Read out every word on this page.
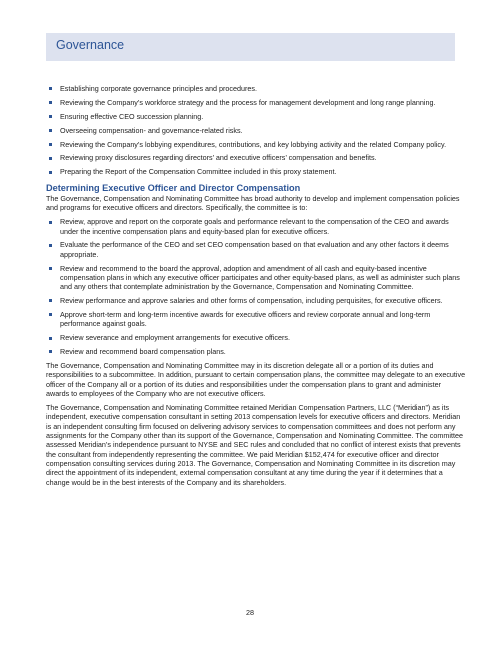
Governance
Establishing corporate governance principles and procedures.
Reviewing the Company’s workforce strategy and the process for management development and long range planning.
Ensuring effective CEO succession planning.
Overseeing compensation- and governance-related risks.
Reviewing the Company’s lobbying expenditures, contributions, and key lobbying activity and the related Company policy.
Reviewing proxy disclosures regarding directors’ and executive officers’ compensation and benefits.
Preparing the Report of the Compensation Committee included in this proxy statement.
Determining Executive Officer and Director Compensation

The Governance, Compensation and Nominating Committee has broad authority to develop and implement compensation policies and programs for executive officers and directors. Specifically, the committee is to:

Review, approve and report on the corporate goals and performance relevant to the compensation of the CEO and awards under the incentive compensation plans and equity-based plan for executive officers.
Evaluate the performance of the CEO and set CEO compensation based on that evaluation and any other factors it deems appropriate.
Review and recommend to the board the approval, adoption and amendment of all cash and equity-based incentive compensation plans in which any executive officer participates and other equity-based plans, as well as administer such plans and any others that contemplate administration by the Governance, Compensation and Nominating Committee.
Review performance and approve salaries and other forms of compensation, including perquisites, for executive officers.
Approve short-term and long-term incentive awards for executive officers and review corporate annual and long-term performance against goals.
Review severance and employment arrangements for executive officers.
Review and recommend board compensation plans.

The Governance, Compensation and Nominating Committee may in its discretion delegate all or a portion of its duties and responsibilities to a subcommittee. In addition, pursuant to certain compensation plans, the committee may delegate to an executive officer of the Company all or a portion of its duties and responsibilities under the compensation plans to grant and administer awards to employees of the Company who are not executive officers.

The Governance, Compensation and Nominating Committee retained Meridian Compensation Partners, LLC (“Meridian”) as its independent, executive compensation consultant in setting 2013 compensation levels for executive officers and directors. Meridian is an independent consulting firm focused on delivering advisory services to compensation committees and does not perform any assignments for the Company other than its support of the Governance, Compensation and Nominating Committee. The committee assessed Meridian’s independence pursuant to NYSE and SEC rules and concluded that no conflict of interest exists that prevents the consultant from independently representing the committee. We paid Meridian $152,474 for executive officer and director compensation consulting services during 2013. The Governance, Compensation and Nominating Committee in its discretion may direct the appointment of its independent, external compensation consultant at any time during the year if it determines that a change would be in the best interests of the Company and its shareholders.

28
